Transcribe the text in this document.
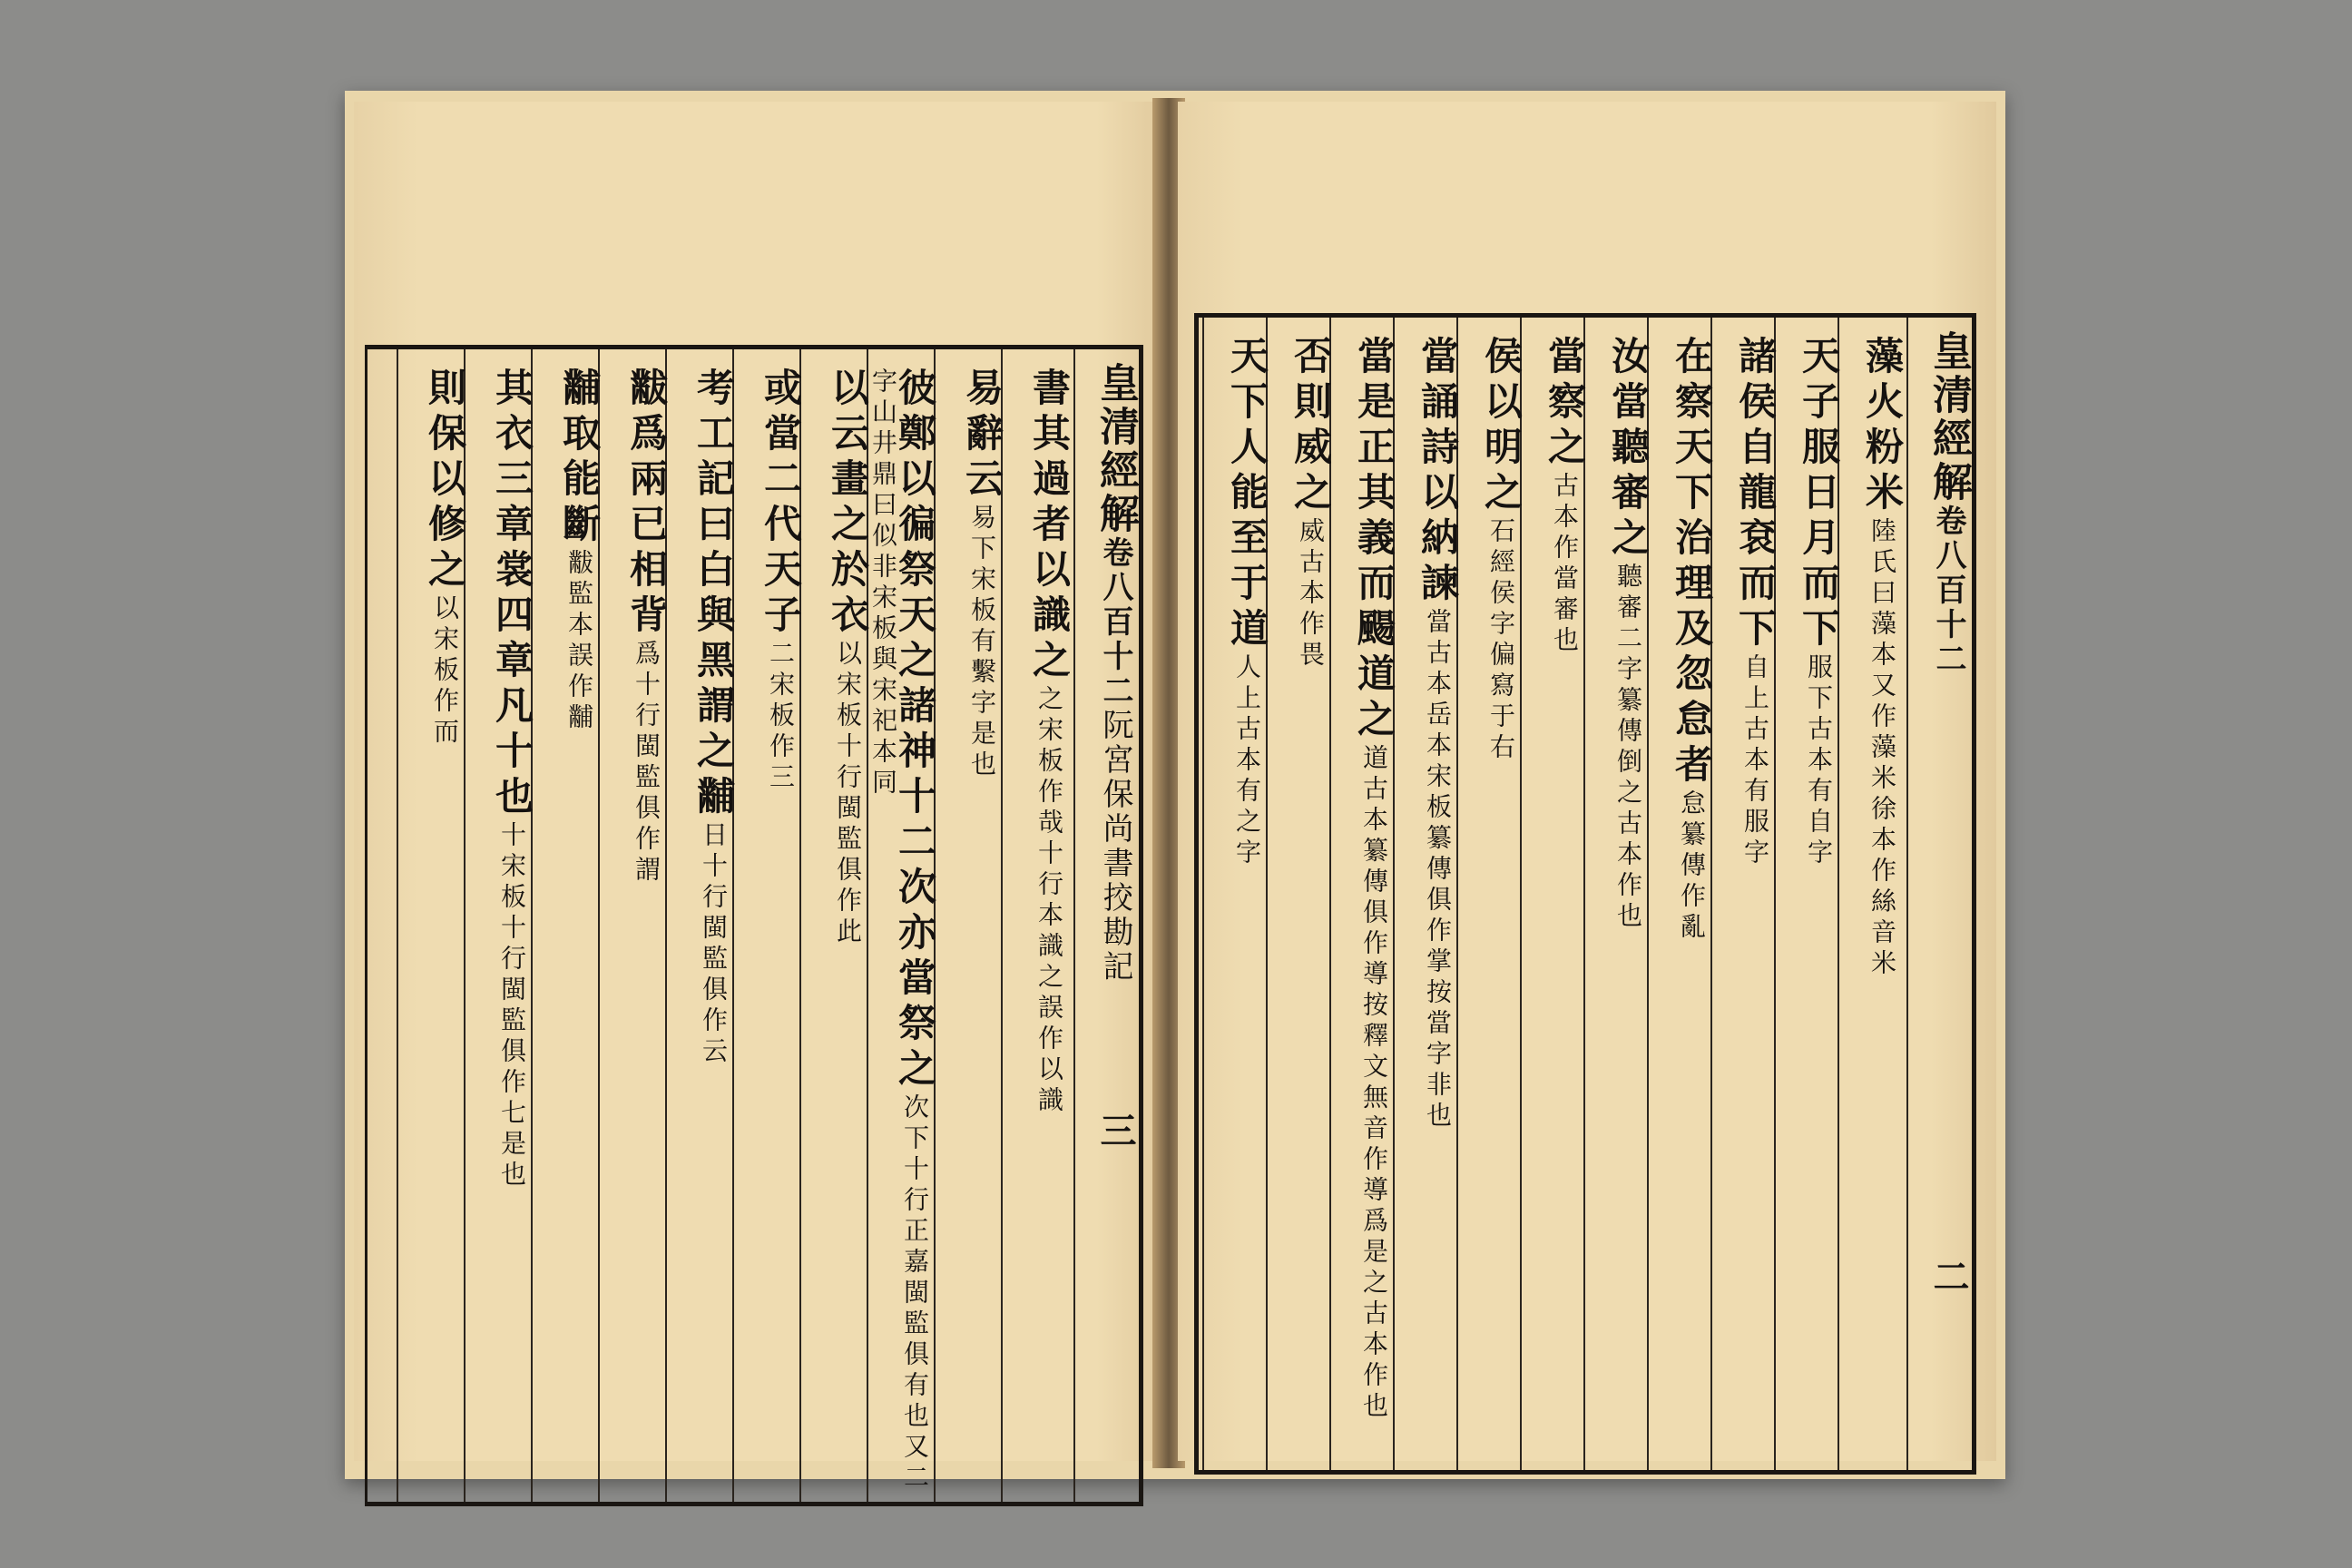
皇清經解卷八百十二阮宮保尚書挍勘記三
書其過者以識之之宋板作哉十行本識之誤作以識
易辭云易下宋板有繫字是也
彼鄭以徧祭天之諸神十二次亦當祭之次下十行正嘉閩監俱有也又二字山井鼎曰似非宋板與宋祀本同
以云畫之於衣以宋板十行閩監俱作此
或當二代天子二宋板作三
考工記曰白與黑謂之黼日十行閩監俱作云
黻爲兩已相背爲十行閩監俱作謂
黼取能斷黻監本誤作黼
其衣三章裳四章凡十也十宋板十行閩監俱作七是也
則保以修之以宋板作而
皇清經解卷八百十二二
藻火粉米陸氏曰藻本又作藻米徐本作絲音米
天子服日月而下服下古本有自字
諸侯自龍袞而下自上古本有服字
在察天下治理及忽怠者怠纂傳作亂
汝當聽審之聽審二字纂傳倒之古本作也
當察之古本作當審也
侯以明之石經侯字偏寫于右
當誦詩以納諫當古本岳本宋板纂傳俱作掌按當字非也
當是正其義而颺道之道古本纂傳俱作導按釋文無音作導爲是之古本作也
否則威之威古本作畏
天下人能至于道人上古本有之字
